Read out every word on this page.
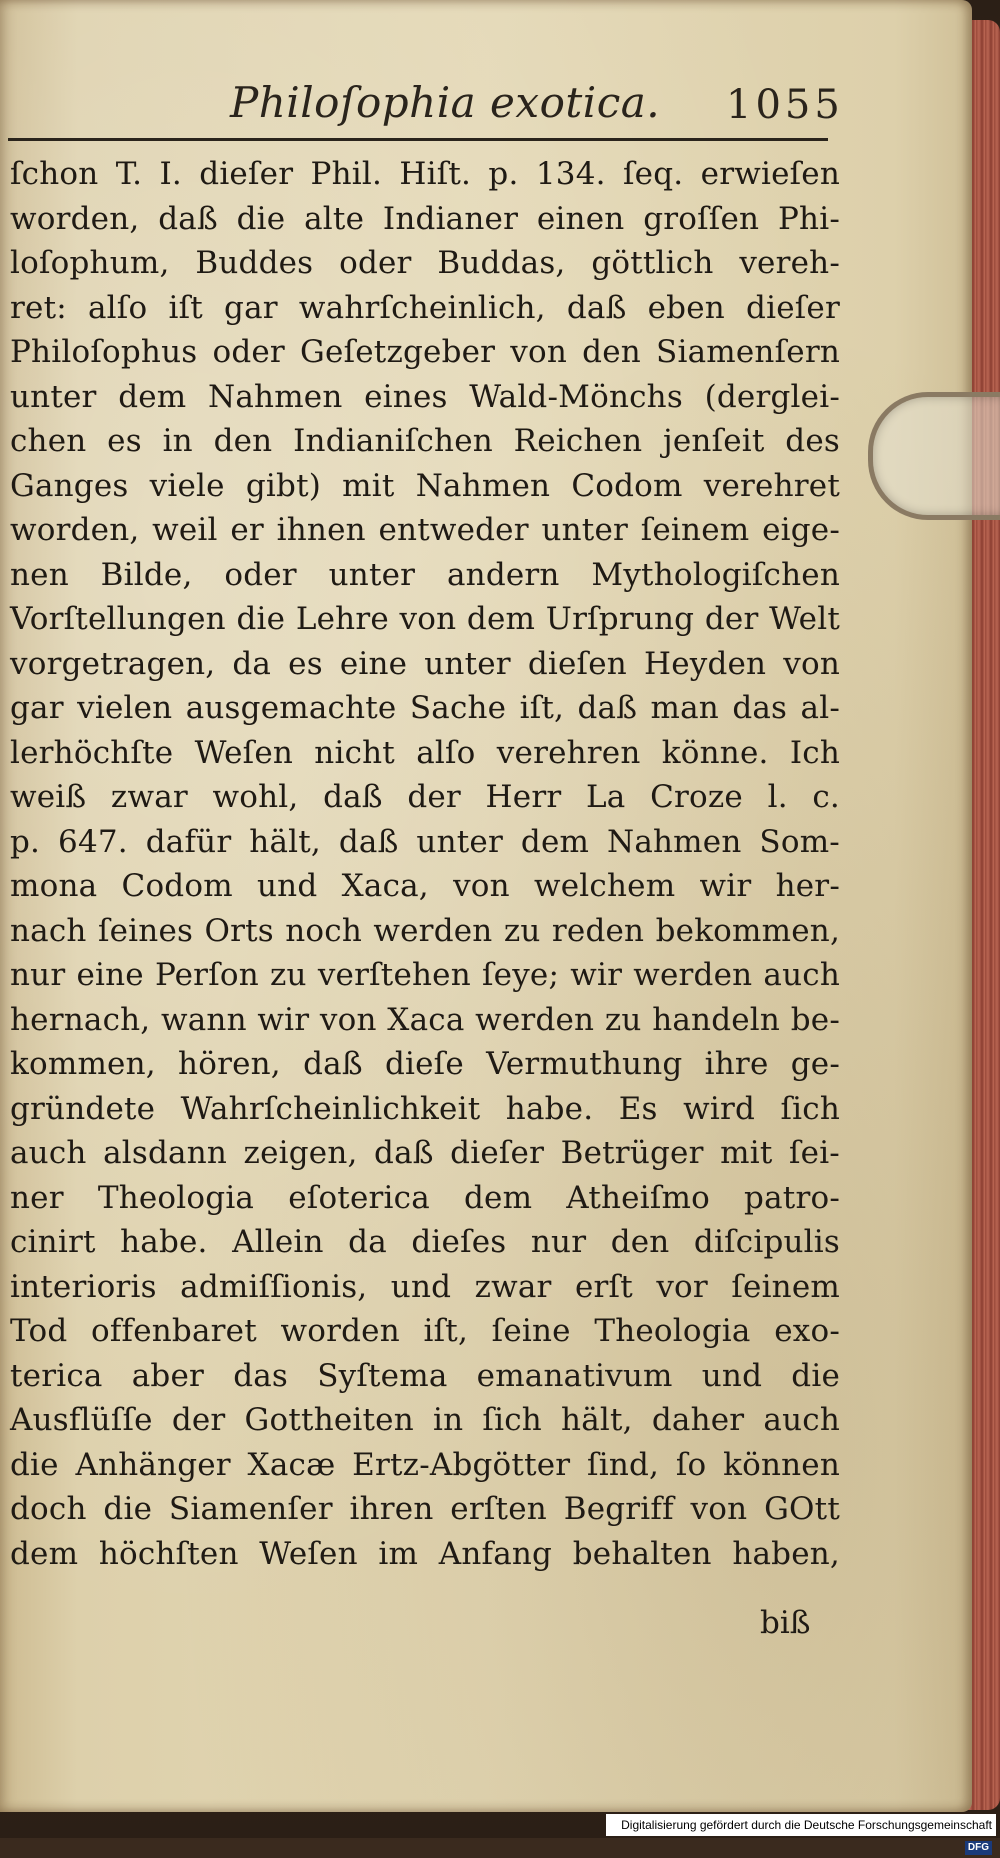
Philoſophia exotica. 1055
ſchon T. I. dieſer Phil. Hiſt. p. 134. ſeq. erwieſen
worden, daß die alte Indianer einen groſſen Phi-
loſophum, Buddes oder Buddas, göttlich vereh-
ret: alſo iſt gar wahrſcheinlich, daß eben dieſer
Philoſophus oder Geſetzgeber von den Siamenſern
unter dem Nahmen eines Wald-Mönchs (derglei-
chen es in den Indianiſchen Reichen jenſeit des
Ganges viele gibt) mit Nahmen Codom verehret
worden, weil er ihnen entweder unter ſeinem eige-
nen Bilde, oder unter andern Mythologiſchen
Vorſtellungen die Lehre von dem Urſprung der Welt
vorgetragen, da es eine unter dieſen Heyden von
gar vielen ausgemachte Sache iſt, daß man das al-
lerhöchſte Weſen nicht alſo verehren könne. Ich
weiß zwar wohl, daß der Herr La Croze l. c.
p. 647. dafür hält, daß unter dem Nahmen Som-
mona Codom und Xaca, von welchem wir her-
nach ſeines Orts noch werden zu reden bekommen,
nur eine Perſon zu verſtehen ſeye; wir werden auch
hernach, wann wir von Xaca werden zu handeln be-
kommen, hören, daß dieſe Vermuthung ihre ge-
gründete Wahrſcheinlichkeit habe. Es wird ſich
auch alsdann zeigen, daß dieſer Betrüger mit ſei-
ner Theologia eſoterica dem Atheiſmo patro-
cinirt habe. Allein da dieſes nur den diſcipulis
interioris admiſſionis, und zwar erſt vor ſeinem
Tod offenbaret worden iſt, ſeine Theologia exo-
terica aber das Syſtema emanativum und die
Ausflüſſe der Gottheiten in ſich hält, daher auch
die Anhänger Xacæ Ertz-Abgötter ſind, ſo können
doch die Siamenſer ihren erſten Begriff von GOtt
dem höchſten Weſen im Anfang behalten haben,
biß
Digitalisierung gefördert durch die Deutsche Forschungsgemeinschaft DFG
